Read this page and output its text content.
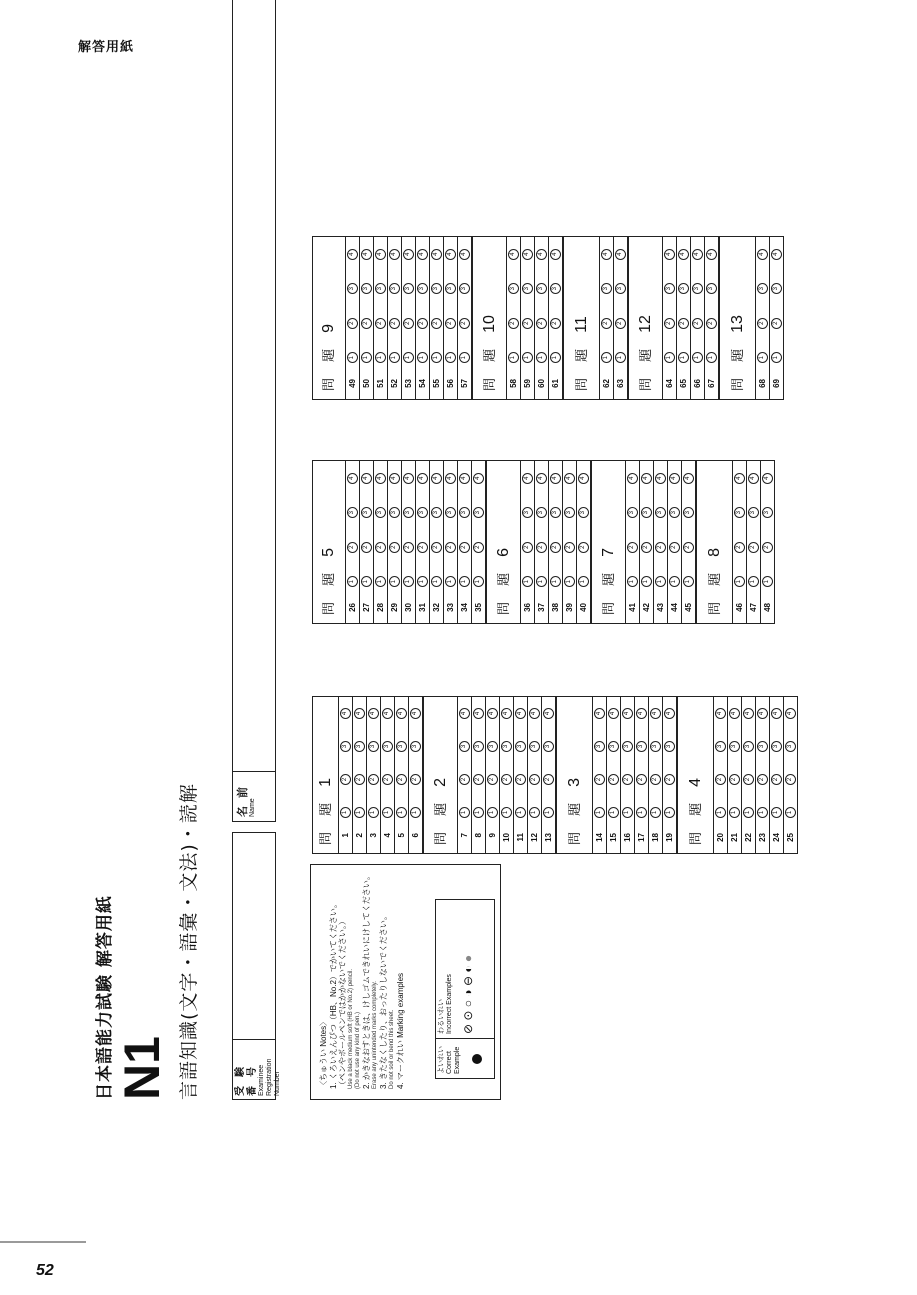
解答用紙
日本語能力試験 解答用紙 N1 言語知識(文字・語彙・文法)・読解	受験番号 Examinee Registration Number
名前 Name

〈ちゅうい Notes〉 1. くろいえんぴつ（HB、No.2）でかいてください。 （ペンやボールペンではかかないでください。） Use a black medium soft (HB or No.2) pencil. (Do not use any kind of pen.) 2. かきなおすときは、けしゴムできれいにけしてください。 Erase any unintended marks completely. 3. きたなくしたり、おったりしないでください。 Do not soil or bend this sheet. 4. マークれい Marking examples	よいれい
Correct Example
わるいれい
Incorrect Examples ⊘ ⊙ ○ ◑ ⊖ ◐ ●
問 題1
1
1
2
3
4
2
1
2
3
4
3
1
2
3
4
4
1
2
3
4
5
1
2
3
4
6
1
2
3
4
問 題2
7
1
2
3
4
8
1
2
3
4
9
1
2
3
4
10
1
2
3
4
11
1
2
3
4
12
1
2
3
4
13
1
2
3
4
問 題3
14
1
2
3
4
15
1
2
3
4
16
1
2
3
4
17
1
2
3
4
18
1
2
3
4
19
1
2
3
4
問 題4
20
1
2
3
4
21
1
2
3
4
22
1
2
3
4
23
1
2
3
4
24
1
2
3
4
25
1
2
3
4
問 題5
26
1
2
3
4
27
1
2
3
4
28
1
2
3
4
29
1
2
3
4
30
1
2
3
4
31
1
2
3
4
32
1
2
3
4
33
1
2
3
4
34
1
2
3
4
35
1
2
3
4
問 題6
36
1
2
3
4
37
1
2
3
4
38
1
2
3
4
39
1
2
3
4
40
1
2
3
4
問 題7
41
1
2
3
4
42
1
2
3
4
43
1
2
3
4
44
1
2
3
4
45
1
2
3
4
問 題8
46
1
2
3
4
47
1
2
3
4
48
1
2
3
4
問 題9
49
1
2
3
4
50
1
2
3
4
51
1
2
3
4
52
1
2
3
4
53
1
2
3
4
54
1
2
3
4
55
1
2
3
4
56
1
2
3
4
57
1
2
3
4
問 題10
58
1
2
3
4
59
1
2
3
4
60
1
2
3
4
61
1
2
3
4
問 題11
62
1
2
3
4
63
1
2
3
4
問 題12
64
1
2
3
4
65
1
2
3
4
66
1
2
3
4
67
1
2
3
4
問 題13
68
1
2
3
4
69
1
2
3
4
52
